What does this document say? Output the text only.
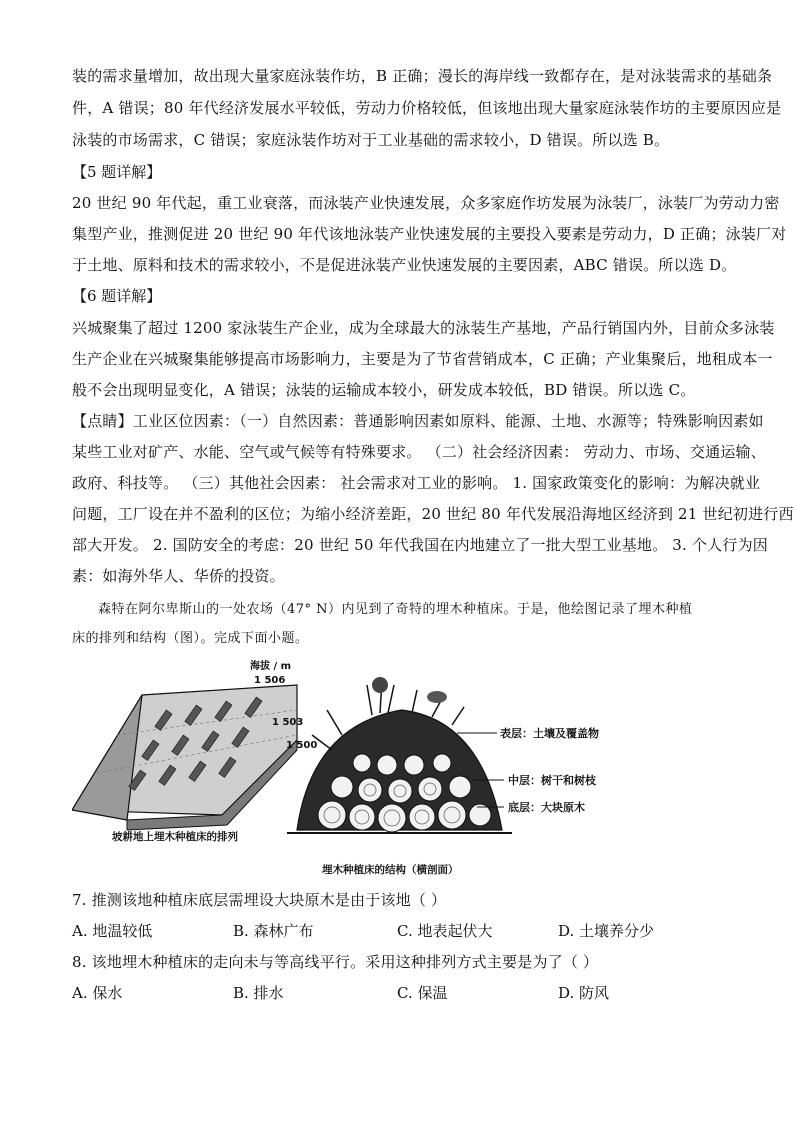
装的需求量增加，故出现大量家庭泳装作坊，B 正确；漫长的海岸线一致都存在，是对泳装需求的基础条
件，A 错误；80 年代经济发展水平较低，劳动力价格较低，但该地出现大量家庭泳装作坊的主要原因应是
泳装的市场需求，C 错误；家庭泳装作坊对于工业基础的需求较小，D 错误。所以选 B。
【5 题详解】
20 世纪 90 年代起，重工业衰落，而泳装产业快速发展，众多家庭作坊发展为泳装厂，泳装厂为劳动力密
集型产业，推测促进 20 世纪 90 年代该地泳装产业快速发展的主要投入要素是劳动力，D 正确；泳装厂对
于土地、原料和技术的需求较小，不是促进泳装产业快速发展的主要因素，ABC 错误。所以选 D。
【6 题详解】
兴城聚集了超过 1200 家泳装生产企业，成为全球最大的泳装生产基地，产品行销国内外，目前众多泳装
生产企业在兴城聚集能够提高市场影响力，主要是为了节省营销成本，C 正确；产业集聚后，地租成本一
般不会出现明显变化，A 错误；泳装的运输成本较小，研发成本较低，BD 错误。所以选 C。
【点睛】工业区位因素：（一）自然因素：普通影响因素如原料、能源、土地、水源等；特殊影响因素如
某些工业对矿产、水能、空气或气候等有特殊要求。 （二）社会经济因素： 劳动力、市场、交通运输、
政府、科技等。 （三）其他社会因素： 社会需求对工业的影响。 1. 国家政策变化的影响：为解决就业
问题，工厂设在并不盈利的区位；为缩小经济差距，20 世纪 80 年代发展沿海地区经济到 21 世纪初进行西
部大开发。 2. 国防安全的考虑：20 世纪 50 年代我国在内地建立了一批大型工业基地。 3. 个人行为因
素：如海外华人、华侨的投资。
森特在阿尔卑斯山的一处农场（47° N）内见到了奇特的埋木种植床。于是，他绘图记录了埋木种植
床的排列和结构（图）。完成下面小题。
海拔 / m
1 506
1 503
1 500
坡耕地上埋木种植床的排列
表层：土壤及覆盖物
中层：树干和树枝
底层：大块原木
埋木种植床的结构（横剖面）
7. 推测该地种植床底层需埋设大块原木是由于该地（ ）
A. 地温较低	B. 森林广布	C. 地表起伏大	D. 土壤养分少
8. 该地埋木种植床的走向未与等高线平行。采用这种排列方式主要是为了（ ）
A. 保水	B. 排水	C. 保温	D. 防风
